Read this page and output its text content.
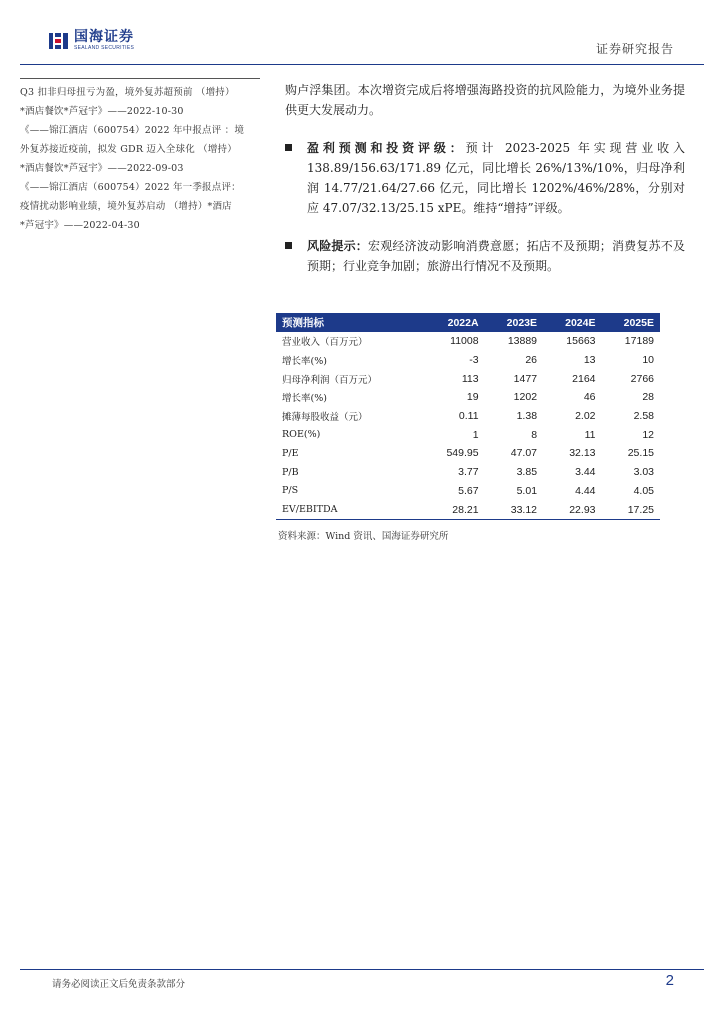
国海证券
SEALAND SECURITIES	证券研究报告

Q3 扣非归母扭亏为盈，境外复苏超预前 （增持）

*酒店餐饮*芦冠宇》——2022-10-30

《——锦江酒店（600754）2022 年中报点评 ：境

外复苏接近疫前，拟发 GDR 迈入全球化 （增持）

*酒店餐饮*芦冠宇》——2022-09-03

《——锦江酒店（600754）2022 年一季报点评：

疫情扰动影响业绩，境外复苏启动 （增持）*酒店

*芦冠宇》——2022-04-30

购卢浮集团。本次增资完成后将增强海路投资的抗风险能力，为境外业务提供更大发展动力。

盈利预测和投资评级：预计 2023-2025 年实现营业收入 138.89/156.63/171.89 亿元，同比增长 26%/13%/10%，归母净利润 14.77/21.64/27.66 亿元，同比增长 1202%/46%/28%，分别对应 47.07/32.13/25.15 xPE。维持“增持”评级。

风险提示：宏观经济波动影响消费意愿；拓店不及预期；消费复苏不及预期；行业竞争加剧；旅游出行情况不及预期。

预测指标	2022A	2023E	2024E	2025E
营业收入（百万元）	11008	13889	15663	17189
增长率(%)	-3	26	13	10
归母净利润（百万元）	113	1477	2164	2766
增长率(%)	19	1202	46	28
摊薄每股收益（元）	0.11	1.38	2.02	2.58
ROE(%)	1	8	11	12
P/E	549.95	47.07	32.13	25.15
P/B	3.77	3.85	3.44	3.03
P/S	5.67	5.01	4.44	4.05
EV/EBITDA	28.21	33.12	22.93	17.25
资料来源：Wind 资讯、国海证券研究所
请务必阅读正文后免责条款部分	2
